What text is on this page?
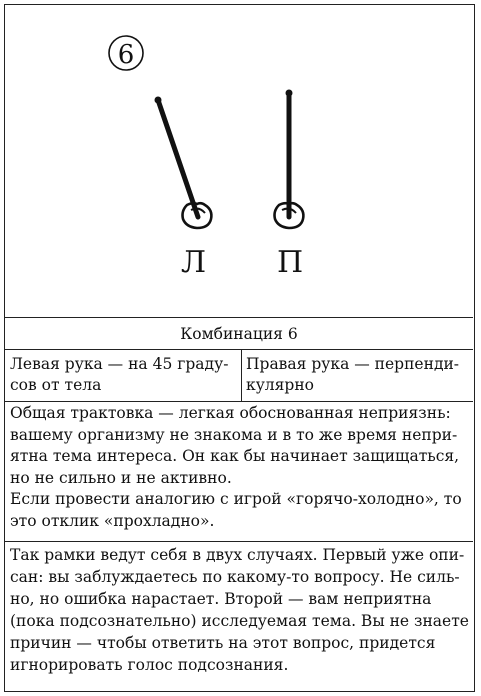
6
Л П
Комбинация 6
Левая рука — на 45 граду-
сов от тела
Правая рука — перпенди-
кулярно
Общая трактовка — легкая обоснованная неприязнь:
вашему организму не знакома и в то же время непри-
ятна тема интереса. Он как бы начинает защищаться,
но не сильно и не активно.
Если провести аналогию с игрой «горячо-холодно», то
это отклик «прохладно».
Так рамки ведут себя в двух случаях. Первый уже опи-
сан: вы заблуждаетесь по какому-то вопросу. Не силь-
но, но ошибка нарастает. Второй — вам неприятна
(пока подсознательно) исследуемая тема. Вы не знаете
причин — чтобы ответить на этот вопрос, придется
игнорировать голос подсознания.
